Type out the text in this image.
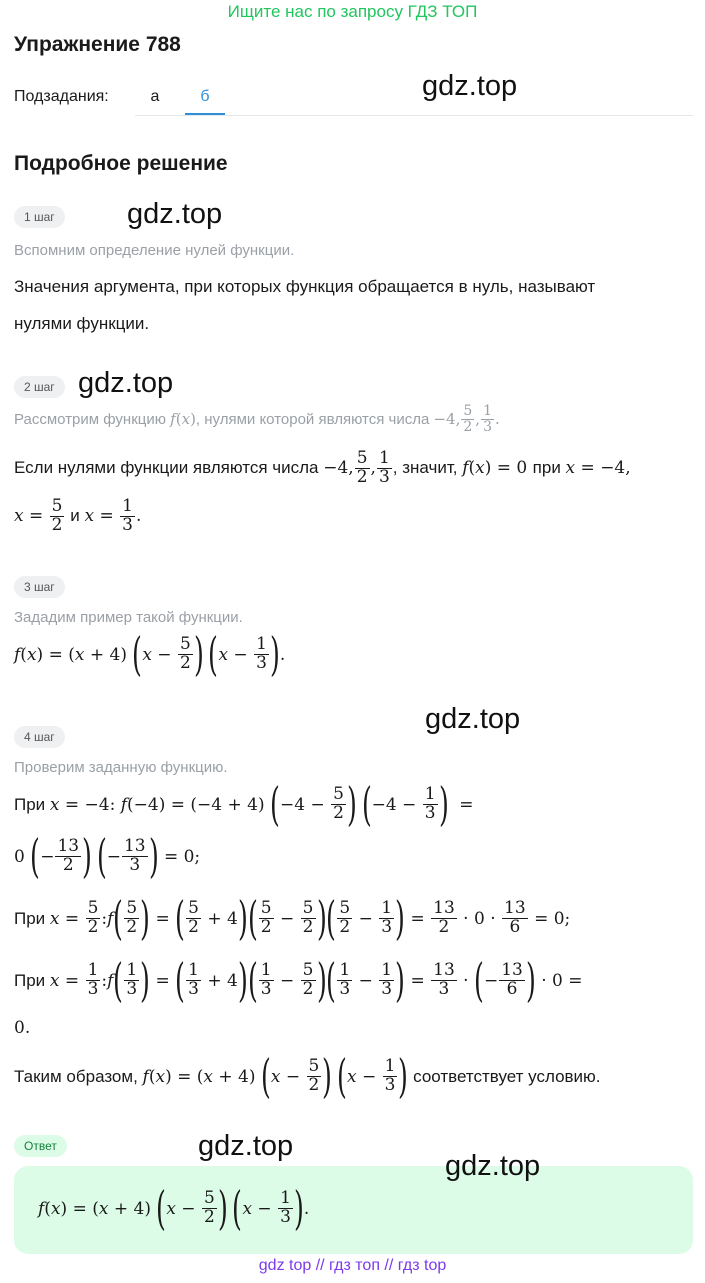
Ищите нас по запросу ГДЗ ТОП
Упражнение 788
Подзадания:	а	б	gdz.top
Подробное решение
1 шаг	gdz.top
Вспомним определение нулей функции.
Значения аргумента, при которых функция обращается в нуль, называют
нулями функции.
2 шаг gdz.top
Рассмотрим функцию
f ( x ) , нулями которой являются числа
−4, $\frac{5}{2}$ , $\frac{1}{3}$ .
Если нулями функции являются числа
−4, $\frac{5}{2}$ , $\frac{1}{3}$ , значит,
f ( x ) = 0 при
x = −4,
$x = \frac{5}{2}$
и
$x = \frac{1}{3}$ .
3 шаг
Зададим пример такой функции.
f ( x ) = ( x + 4) ( $x - \frac{5}{2}$ )
( $x - \frac{1}{3}$ ) .
gdz.top
4 шаг
Проверим заданную функцию.
При
x = −4: f (−4) = (−4 + 4) ( $-4 - \frac{5}{2}$ )
( $-4 - \frac{1}{3}$ ) =
0 ( − $\frac{13}{2}$ )
( − $\frac{13}{3}$ ) = 0;
При
$x = \frac{5}{2}$ : f ( $\frac{5}{2}$ ) = ( $\frac{5}{2} + 4$ ) ( $\frac{5}{2} - \frac{5}{2}$ ) ( $\frac{5}{2} - \frac{1}{3}$ ) = $\frac{13}{2} \cdot 0 \cdot \frac{13}{6} = 0$;
При
$x = \frac{1}{3}$ : f ( $\frac{1}{3}$ ) = ( $\frac{1}{3} + 4$ ) ( $\frac{1}{3} - \frac{5}{2}$ ) ( $\frac{1}{3} - \frac{1}{3}$ ) = $\frac{13}{3}$ · ( − $\frac{13}{6}$ ) · 0 =
0.
Таким образом,
f ( x ) = ( x + 4) ( $x - \frac{5}{2}$ )
( $x - \frac{1}{3}$ )
соответствует условию.
Ответ	gdz.top
gdz.top
f ( x ) = ( x + 4) ( $x - \frac{5}{2}$ )
( $x - \frac{1}{3}$ ) .
gdz top // гдз топ // гдз top
